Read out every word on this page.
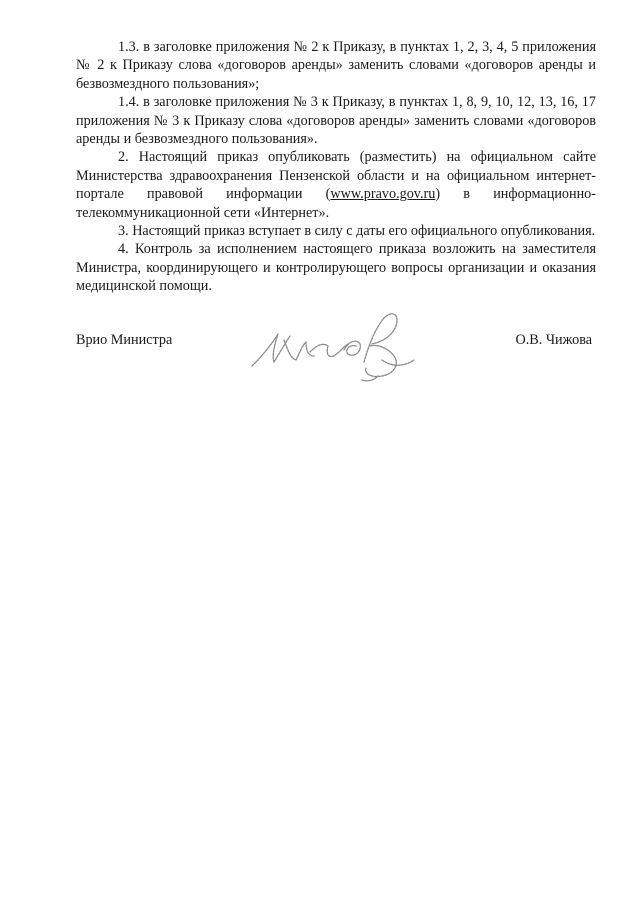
1.3. в заголовке приложения № 2 к Приказу, в пунктах 1, 2, 3, 4, 5 приложения № 2 к Приказу слова «договоров аренды» заменить словами «договоров аренды и безвозмездного пользования»;

1.4. в заголовке приложения № 3 к Приказу, в пунктах 1, 8, 9, 10, 12, 13, 16, 17 приложения № 3 к Приказу слова «договоров аренды» заменить словами «договоров аренды и безвозмездного пользования».

2. Настоящий приказ опубликовать (разместить) на официальном сайте Министерства здравоохранения Пензенской области и на официальном интернет-портале правовой информации (www.pravo.gov.ru) в информационно-телекоммуникационной сети «Интернет».

3. Настоящий приказ вступает в силу с даты его официального опубликования.

4. Контроль за исполнением настоящего приказа возложить на заместителя Министра, координирующего и контролирующего вопросы организации и оказания медицинской помощи.

Врио Министра	О.В. Чижова
